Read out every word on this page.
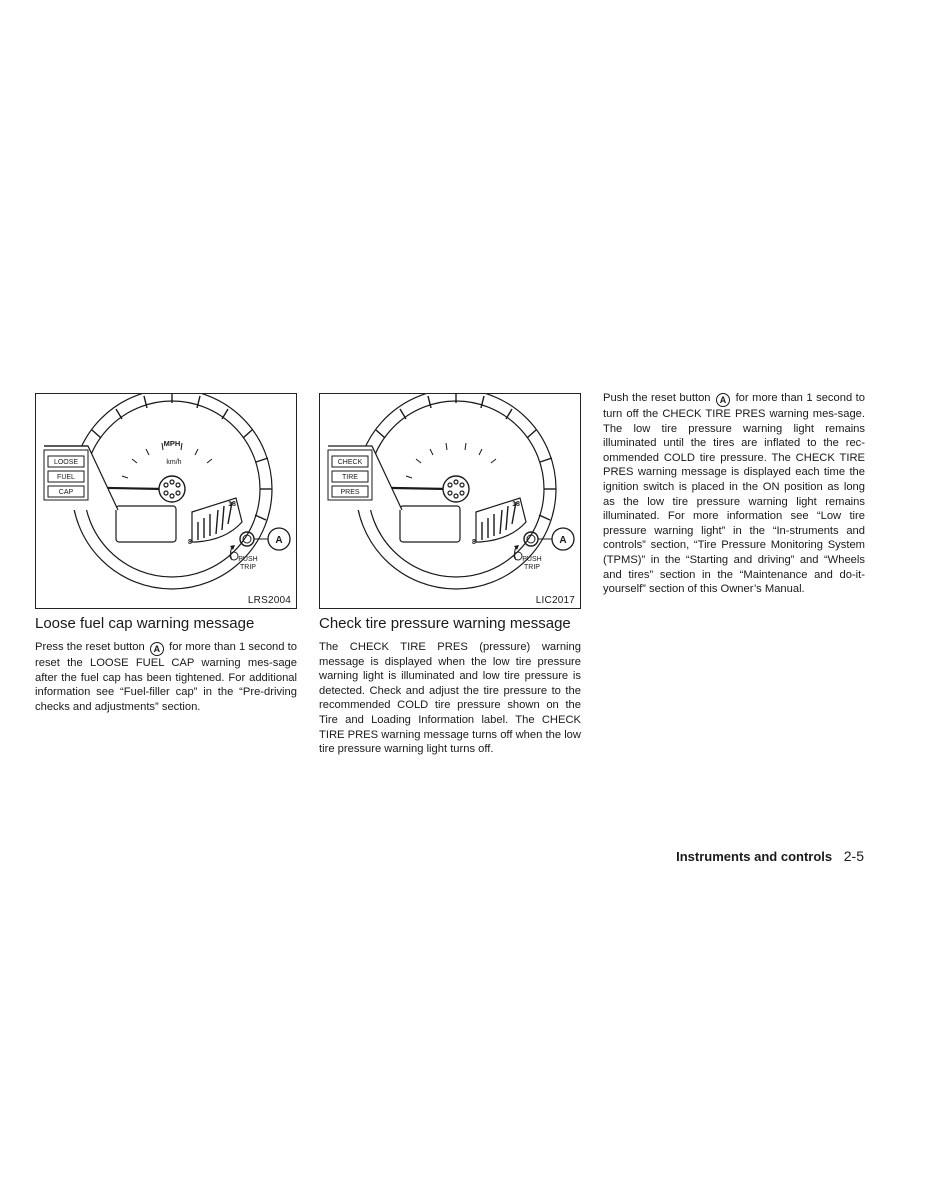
MPH
km/h
LOOSE
FUEL
CAP
18
8	A
PUSH
TRIP
LRS2004
CHECK
TIRE
PRES
18
8	A
PUSH
TRIP
LIC2017
Loose fuel cap warning message

Press the reset button A for more than 1 second to reset the LOOSE FUEL CAP warning mes-sage after the fuel cap has been tightened. For additional information see “Fuel-filler cap” in the “Pre-driving checks and adjustments” section.

Check tire pressure warning message

The CHECK TIRE PRES (pressure) warning message is displayed when the low tire pressure warning light is illuminated and low tire pressure is detected. Check and adjust the tire pressure to the recommended COLD tire pressure shown on the Tire and Loading Information label. The CHECK TIRE PRES warning message turns off when the low tire pressure warning light turns off.

Push the reset button A for more than 1 second to turn off the CHECK TIRE PRES warning mes-sage. The low tire pressure warning light remains illuminated until the tires are inflated to the rec-ommended COLD tire pressure. The CHECK TIRE PRES warning message is displayed each time the ignition switch is placed in the ON position as long as the low tire pressure warning light remains illuminated. For more information see “Low tire pressure warning light” in the “In-struments and controls” section, “Tire Pressure Monitoring System (TPMS)” in the “Starting and driving” and “Wheels and tires” section in the “Maintenance and do-it-yourself” section of this Owner’s Manual.

Instruments and controls 2-5
